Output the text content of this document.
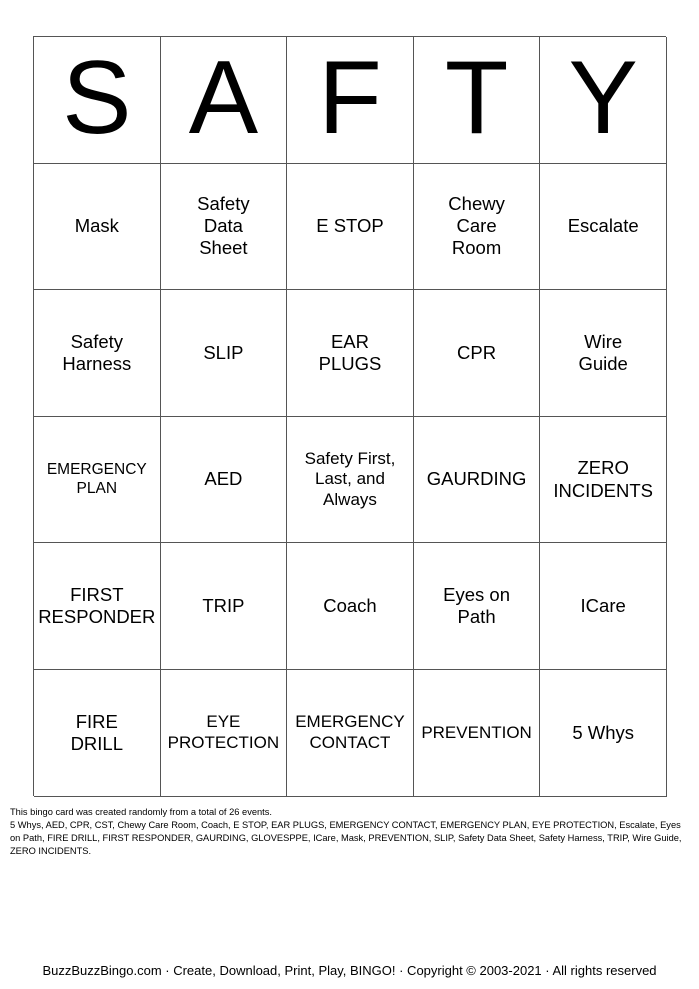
S A F T Y
Mask
Safety Data Sheet
E STOP
Chewy Care Room
Escalate
Safety Harness
SLIP
EAR PLUGS
CPR
Wire Guide
EMERGENCY PLAN	AED
Safety First, Last, and Always
GAURDING
ZERO INCIDENTS
FIRST RESPONDER
TRIP	Coach
Eyes on Path
ICare
FIRE DRILL
EYE PROTECTION
EMERGENCY CONTACT
PREVENTION 5 Whys
This bingo card was created randomly from a total of 26 events.
5 Whys, AED, CPR, CST, Chewy Care Room, Coach, E STOP, EAR PLUGS, EMERGENCY CONTACT, EMERGENCY PLAN, EYE PROTECTION, Escalate, Eyes on Path, FIRE DRILL, FIRST RESPONDER, GAURDING, GLOVESPPE, ICare, Mask, PREVENTION, SLIP, Safety Data Sheet, Safety Harness, TRIP, Wire Guide, ZERO INCIDENTS.
BuzzBuzzBingo.com · Create, Download, Print, Play, BINGO! · Copyright © 2003-2021 · All rights reserved
